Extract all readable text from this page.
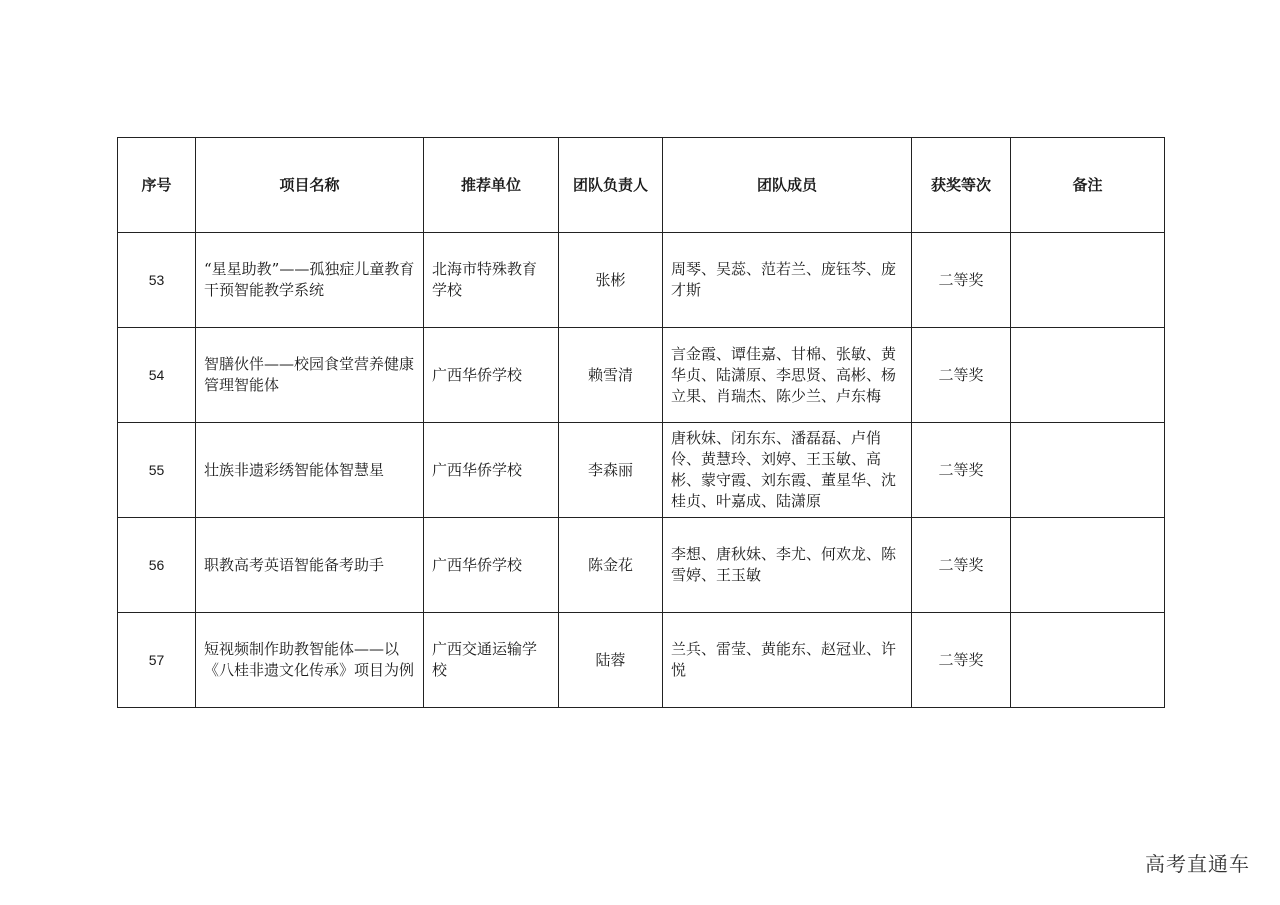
序号	项目名称	推荐单位	团队负责人	团队成员	获奖等次	备注
53	“星星助教”——孤独症儿童教育干预智能教学系统	北海市特殊教育学校	张彬	周琴、吴蕊、范若兰、庞钰芩、庞才斯	二等奖	
54	智膳伙伴——校园食堂营养健康管理智能体	广西华侨学校	赖雪清	言金霞、谭佳嘉、甘棉、张敏、黄华贞、陆潇原、李思贤、高彬、杨立果、肖瑞杰、陈少兰、卢东梅	二等奖	
55	壮族非遗彩绣智能体智慧星	广西华侨学校	李森丽	唐秋妹、闭东东、潘磊磊、卢俏伶、黄慧玲、刘婷、王玉敏、高彬、蒙守霞、刘东霞、董星华、沈桂贞、叶嘉成、陆潇原	二等奖	
56	职教高考英语智能备考助手	广西华侨学校	陈金花	李想、唐秋妹、李尤、何欢龙、陈雪婷、王玉敏	二等奖	
57	短视频制作助教智能体——以《八桂非遗文化传承》项目为例	广西交通运输学校	陆蓉	兰兵、雷莹、黄能东、赵冠业、许悦	二等奖	
高考直通车
